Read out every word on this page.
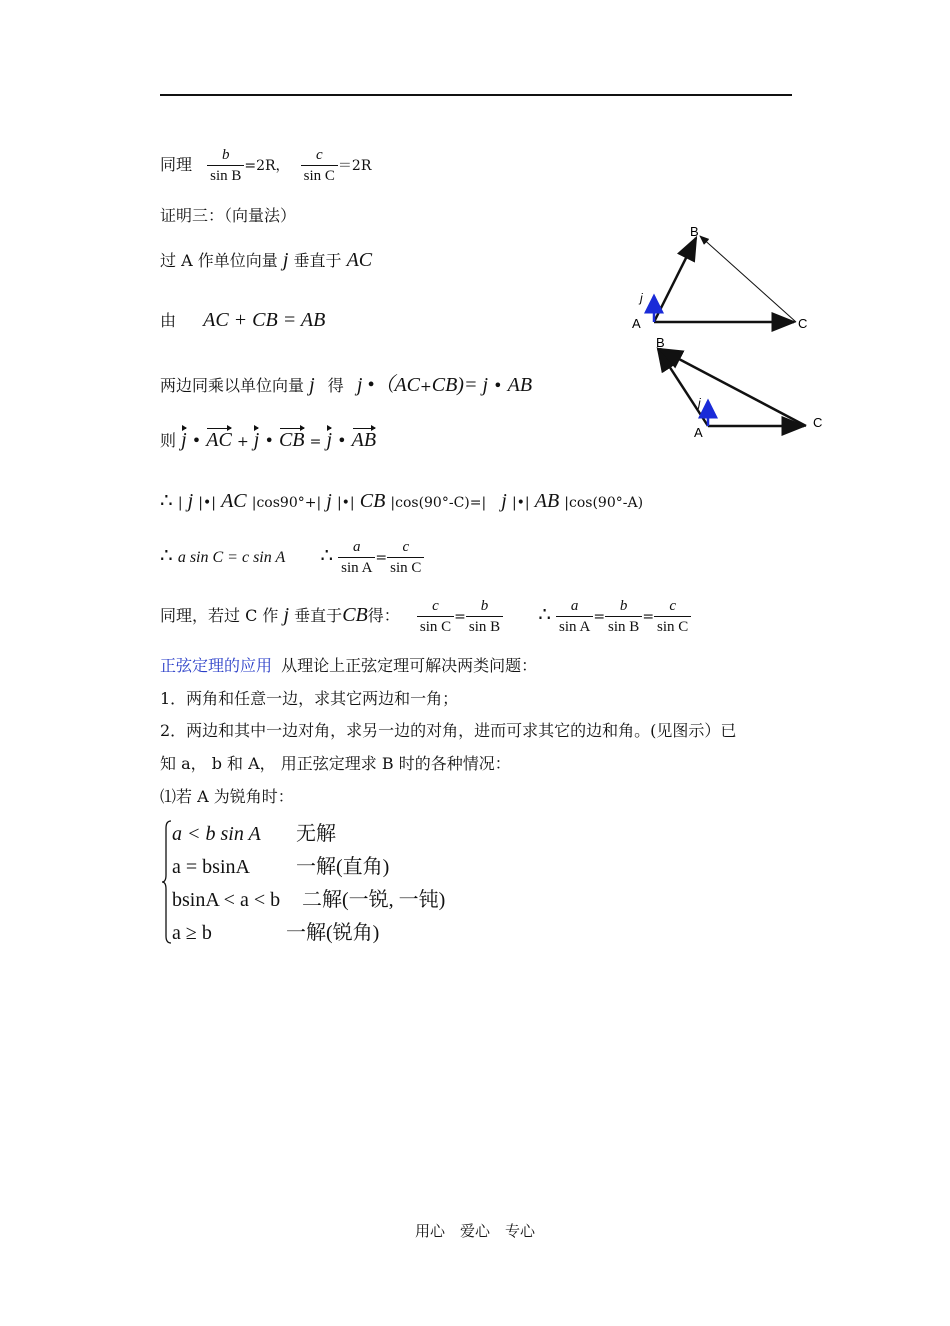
同理 $\frac{b}{\text{sin B}} =2R$， $\frac{c}{\text{sin C}} =2R$
证明三：（向量法）
过 A 作单位向量 j 垂直于 AC
由 AC + CB = AB
两边同乘以单位向量 j 得 j •（AC+CB)= j • AB
则 j • AC + j • CB = j • AB
∴ | j |•| AC |cos90°+| j |•| CB |cos(90°-C)=| j |•| AB |cos(90°-A)
∴ a sin C = c sin A ∴ $\frac{a}{\text{sin A}} = \frac{c}{\text{sin C}}$
同理，若过 C 作 j 垂直于CB得： $\frac{c}{\text{sin C}} = \frac{b}{\text{sin B}}$ ∴ $\frac{a}{\text{sin A}} = \frac{b}{\text{sin B}} = \frac{c}{\text{sin C}}$
正弦定理的应用 从理论上正弦定理可解决两类问题：
1．两角和任意一边，求其它两边和一角；
2．两边和其中一边对角，求另一边的对角，进而可求其它的边和角。(见图示）已
知 a， b 和 A， 用正弦定理求 B 时的各种情况：
⑴若 A 为锐角时：
a < b sin A 无解
a = bsinA 一解(直角)
bsinA < a < b 二解(一锐, 一钝)
a ≥ b	一解(锐角)
A
B
C
j
A
B
C
j
用心　爱心　专心
